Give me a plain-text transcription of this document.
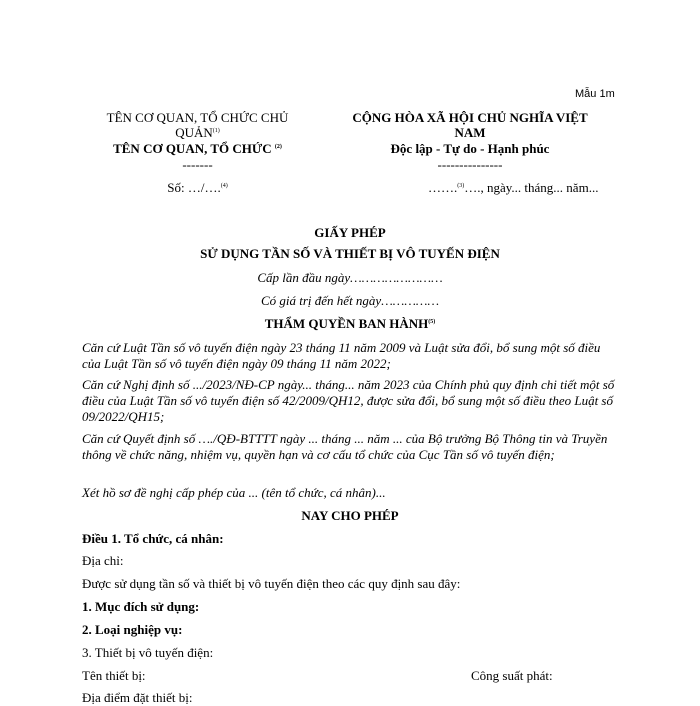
Mẫu 1m
TÊN CƠ QUAN, TỔ CHỨC CHỦ
QUẢN$^{(1)}$
TÊN CƠ QUAN, TỔ CHỨC $^{(2)}$
-------
Số: …/….$^{(4)}$
CỘNG HÒA XÃ HỘI CHỦ NGHĨA VIỆT
NAM
Độc lập - Tự do - Hạnh phúc
---------------
…….$^{(3)}$…., ngày... tháng... năm...
GIẤY PHÉP
SỬ DỤNG TẦN SỐ VÀ THIẾT BỊ VÔ TUYẾN ĐIỆN
Cấp lần đầu ngày……………………
Có giá trị đến hết ngày……………
THẨM QUYỀN BAN HÀNH$^{(5)}$
Căn cứ Luật Tần số vô tuyến điện ngày 23 tháng 11 năm 2009 và Luật sửa đổi, bổ sung một số điều của Luật Tần số vô tuyến điện ngày 09 tháng 11 năm 2022;
Căn cứ Nghị định số .../2023/NĐ-CP ngày... tháng... năm 2023 của Chính phủ quy định chi tiết một số điều của Luật Tần số vô tuyến điện số 42/2009/QH12, được sửa đổi, bổ sung một số điều theo Luật số 09/2022/QH15;
Căn cứ Quyết định số …./QĐ-BTTTT ngày ... tháng ... năm ... của Bộ trưởng Bộ Thông tin và Truyền thông về chức năng, nhiệm vụ, quyền hạn và cơ cấu tổ chức của Cục Tần số vô tuyến điện;
Xét hồ sơ đề nghị cấp phép của ... (tên tổ chức, cá nhân)...
NAY CHO PHÉP
Điều 1. Tổ chức, cá nhân:
Địa chỉ:
Được sử dụng tần số và thiết bị vô tuyến điện theo các quy định sau đây:
1. Mục đích sử dụng:
2. Loại nghiệp vụ:
3. Thiết bị vô tuyến điện:
Tên thiết bị:	Công suất phát:
Địa điểm đặt thiết bị:
